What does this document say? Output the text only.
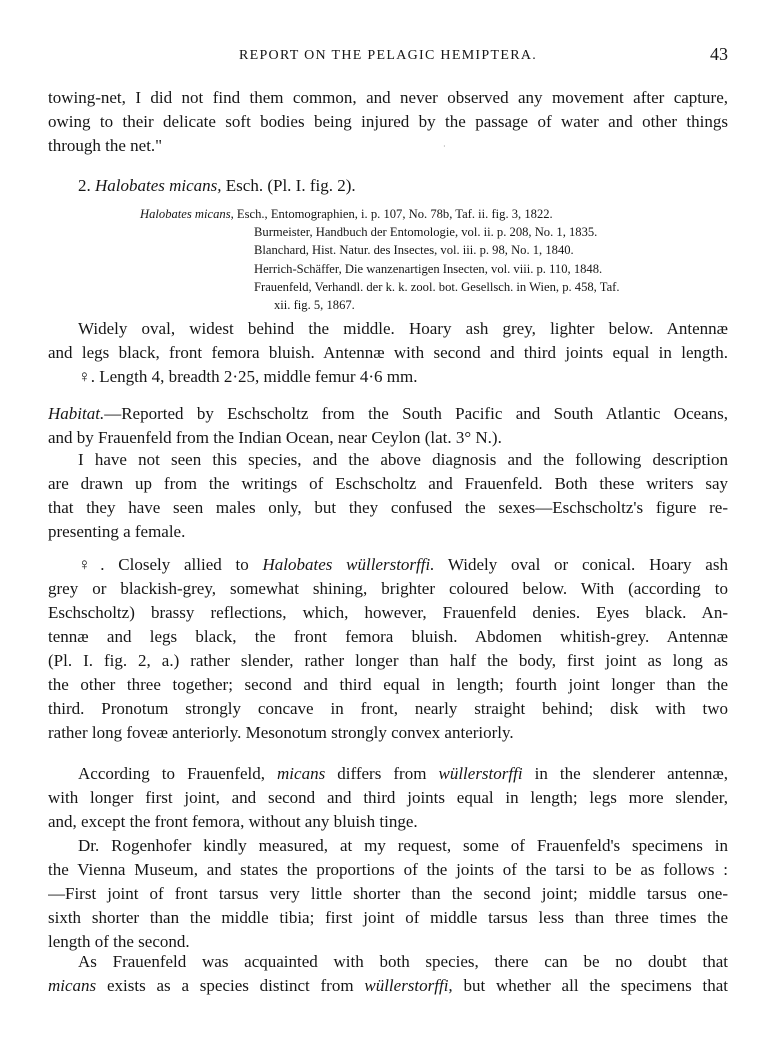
REPORT ON THE PELAGIC HEMIPTERA.	43
towing-net, I did not find them common, and never observed any movement after capture,
owing to their delicate soft bodies being injured by the passage of water and other things
through the net."	·
2. Halobates micans, Esch. (Pl. I. fig. 2).
Halobates micans, Esch., Entomographien, i. p. 107, No. 78b, Taf. ii. fig. 3, 1822.
Burmeister, Handbuch der Entomologie, vol. ii. p. 208, No. 1, 1835.
Blanchard, Hist. Natur. des Insectes, vol. iii. p. 98, No. 1, 1840.
Herrich-Schäffer, Die wanzenartigen Insecten, vol. viii. p. 110, 1848.
Frauenfeld, Verhandl. der k. k. zool. bot. Gesellsch. in Wien, p. 458, Taf.
xii. fig. 5, 1867.
Widely oval, widest behind the middle. Hoary ash grey, lighter below. Antennæ
and legs black, front femora bluish. Antennæ with second and third joints equal in length.
♀. Length 4, breadth 2·25, middle femur 4·6 mm.
Habitat.—Reported by Eschscholtz from the South Pacific and South Atlantic Oceans,
and by Frauenfeld from the Indian Ocean, near Ceylon (lat. 3° N.).
I have not seen this species, and the above diagnosis and the following description
are drawn up from the writings of Eschscholtz and Frauenfeld. Both these writers say
that they have seen males only, but they confused the sexes—Eschscholtz's figure re-
presenting a female.
♀. Closely allied to Halobates wüllerstorffi. Widely oval or conical. Hoary ash
grey or blackish-grey, somewhat shining, brighter coloured below. With (according to
Eschscholtz) brassy reflections, which, however, Frauenfeld denies. Eyes black. An-
tennæ and legs black, the front femora bluish. Abdomen whitish-grey. Antennæ
(Pl. I. fig. 2, a.) rather slender, rather longer than half the body, first joint as long as
the other three together; second and third equal in length; fourth joint longer than the
third. Pronotum strongly concave in front, nearly straight behind; disk with two
rather long foveæ anteriorly. Mesonotum strongly convex anteriorly.
According to Frauenfeld, micans differs from wüllerstorffi in the slenderer antennæ,
with longer first joint, and second and third joints equal in length; legs more slender,
and, except the front femora, without any bluish tinge.
Dr. Rogenhofer kindly measured, at my request, some of Frauenfeld's specimens in
the Vienna Museum, and states the proportions of the joints of the tarsi to be as follows :
—First joint of front tarsus very little shorter than the second joint; middle tarsus one-
sixth shorter than the middle tibia; first joint of middle tarsus less than three times the
length of the second.
As Frauenfeld was acquainted with both species, there can be no doubt that
micans exists as a species distinct from wüllerstorffi, but whether all the specimens that
